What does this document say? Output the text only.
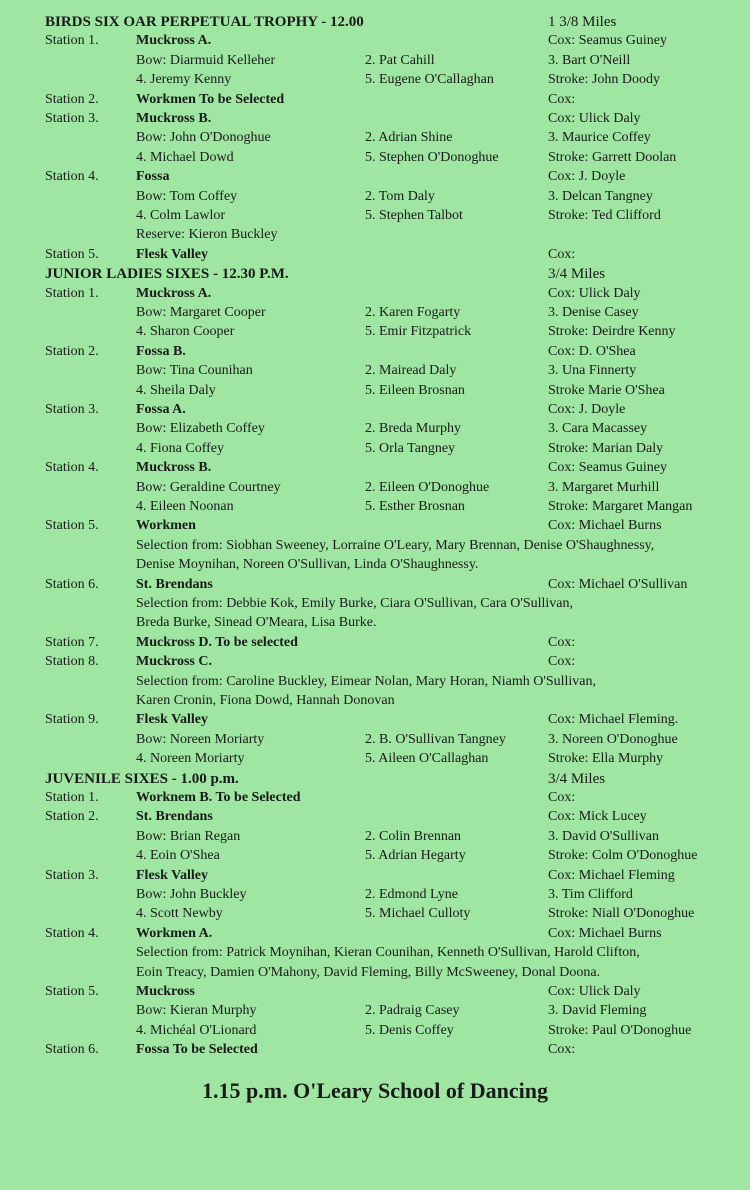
BIRDS SIX OAR PERPETUAL TROPHY - 12.00	1 3/8 Miles
Station 1.	Muckross A.	Cox: Seamus Guiney
Bow: Diarmuid Kelleher	2. Pat Cahill	3. Bart O'Neill
4. Jeremy Kenny	5. Eugene O'Callaghan	Stroke: John Doody
Station 2.	Workmen To be Selected	Cox:
Station 3.	Muckross B.	Cox: Ulick Daly
Bow: John O'Donoghue	2. Adrian Shine	3. Maurice Coffey
4. Michael Dowd	5. Stephen O'Donoghue	Stroke: Garrett Doolan
Station 4.	Fossa	Cox: J. Doyle
Bow: Tom Coffey	2. Tom Daly	3. Delcan Tangney
4. Colm Lawlor	5. Stephen Talbot	Stroke: Ted Clifford
Reserve: Kieron Buckley
Station 5.	Flesk Valley	Cox:
JUNIOR LADIES SIXES - 12.30 P.M.	3/4 Miles
Station 1.	Muckross A.	Cox: Ulick Daly
Bow: Margaret Cooper	2. Karen Fogarty	3. Denise Casey
4. Sharon Cooper	5. Emir Fitzpatrick	Stroke: Deirdre Kenny
Station 2.	Fossa B.	Cox: D. O'Shea
Bow: Tina Counihan	2. Mairead Daly	3. Una Finnerty
4. Sheila Daly	5. Eileen Brosnan	Stroke Marie O'Shea
Station 3.	Fossa A.	Cox: J. Doyle
Bow: Elizabeth Coffey	2. Breda Murphy	3. Cara Macassey
4. Fiona Coffey	5. Orla Tangney	Stroke: Marian Daly
Station 4.	Muckross B.	Cox: Seamus Guiney
Bow: Geraldine Courtney	2. Eileen O'Donoghue	3. Margaret Murhill
4. Eileen Noonan	5. Esther Brosnan	Stroke: Margaret Mangan
Station 5.	Workmen	Cox: Michael Burns
Selection from: Siobhan Sweeney, Lorraine O'Leary, Mary Brennan, Denise O'Shaughnessy,
Denise Moynihan, Noreen O'Sullivan, Linda O'Shaughnessy.
Station 6.	St. Brendans	Cox: Michael O'Sullivan
Selection from: Debbie Kok, Emily Burke, Ciara O'Sullivan, Cara O'Sullivan,
Breda Burke, Sinead O'Meara, Lisa Burke.
Station 7.	Muckross D. To be selected	Cox:
Station 8.	Muckross C.	Cox:
Selection from: Caroline Buckley, Eimear Nolan, Mary Horan, Niamh O'Sullivan,
Karen Cronin, Fiona Dowd, Hannah Donovan
Station 9.	Flesk Valley	Cox: Michael Fleming.
Bow: Noreen Moriarty	2. B. O'Sullivan Tangney	3. Noreen O'Donoghue
4. Noreen Moriarty	5. Aileen O'Callaghan	Stroke: Ella Murphy
JUVENILE SIXES - 1.00 p.m.	3/4 Miles
Station 1.	Worknem B. To be Selected	Cox:
Station 2.	St. Brendans	Cox: Mick Lucey
Bow: Brian Regan	2. Colin Brennan	3. David O'Sullivan
4. Eoin O'Shea	5. Adrian Hegarty	Stroke: Colm O'Donoghue
Station 3.	Flesk Valley	Cox: Michael Fleming
Bow: John Buckley	2. Edmond Lyne	3. Tim Clifford
4. Scott Newby	5. Michael Culloty	Stroke: Niall O'Donoghue
Station 4.	Workmen A.	Cox: Michael Burns
Selection from: Patrick Moynihan, Kieran Counihan, Kenneth O'Sullivan, Harold Clifton,
Eoin Treacy, Damien O'Mahony, David Fleming, Billy McSweeney, Donal Doona.
Station 5.	Muckross	Cox: Ulick Daly
Bow: Kieran Murphy	2. Padraig Casey	3. David Fleming
4. Michéal O'Lionard	5. Denis Coffey	Stroke: Paul O'Donoghue
Station 6.	Fossa To be Selected	Cox:
1.15 p.m. O'Leary School of Dancing
